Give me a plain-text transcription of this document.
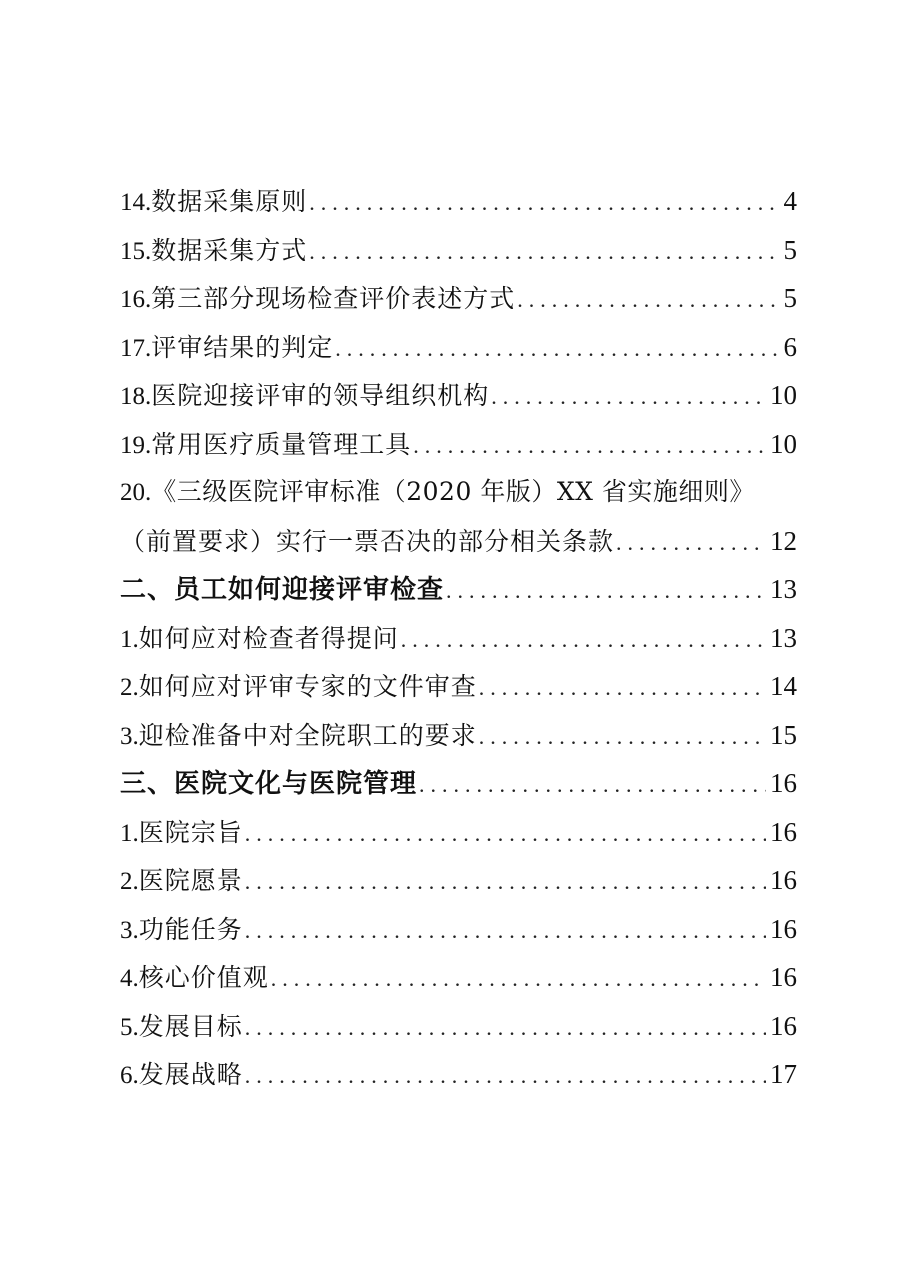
14. 数据采集原则 .....	4
15. 数据采集方式 .....	5
16. 第三部分现场检查评价表述方式 .....	5
17. 评审结果的判定 .....	6
18. 医院迎接评审的领导组织机构 .....	10
19. 常用医疗质量管理工具 .....	10
20. 《三级医院评审标准（2020 年版）XX 省实施细则》
（前置要求）实行一票否决的部分相关条款 .....	12
二、员工如何迎接评审检查 .....	13
1. 如何应对检查者得提问 .....	13
2. 如何应对评审专家的文件审查 .....	14
3. 迎检准备中对全院职工的要求 .....	15
三、医院文化与医院管理 .....	16
1. 医院宗旨 .....	16
2. 医院愿景 .....	16
3. 功能任务 .....	16
4. 核心价值观 .....	16
5. 发展目标 .....	16
6. 发展战略 .....	17
